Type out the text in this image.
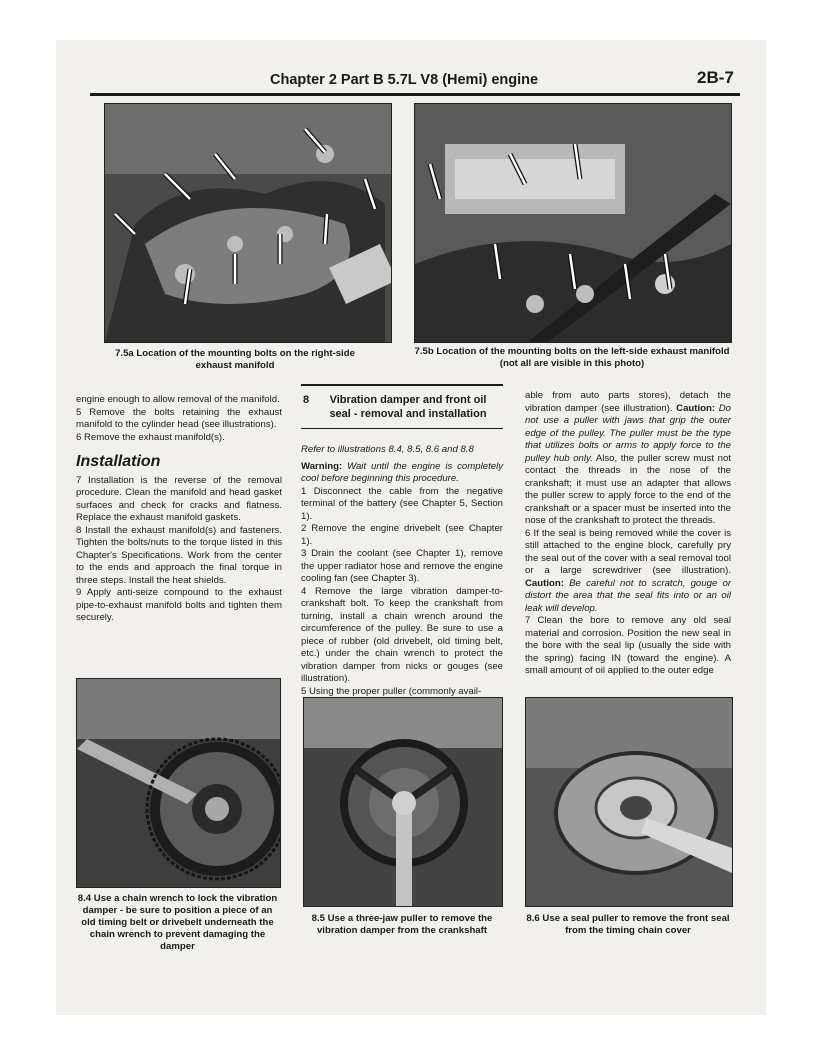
Chapter 2 Part B 5.7L V8 (Hemi) engine	2B-7
7.5a Location of the mounting bolts on the right-side exhaust manifold
7.5b Location of the mounting bolts on the left-side exhaust manifold (not all are visible in this photo)

engine enough to allow removal of the manifold.

5 Remove the bolts retaining the exhaust manifold to the cylinder head (see illustrations).

6 Remove the exhaust manifold(s).

Installation

7 Installation is the reverse of the removal procedure. Clean the manifold and head gasket surfaces and check for cracks and flatness. Replace the exhaust manifold gaskets.

8 Install the exhaust manifold(s) and fasteners. Tighten the bolts/nuts to the torque listed in this Chapter's Specifications. Work from the center to the ends and approach the final torque in three steps. Install the heat shields.

9 Apply anti-seize compound to the exhaust pipe-to-exhaust manifold bolts and tighten them securely.

8	Vibration damper and front oil seal - removal and installation

Refer to illustrations 8.4, 8.5, 8.6 and 8.8

Warning: Wait until the engine is completely cool before beginning this procedure.

1 Disconnect the cable from the negative terminal of the battery (see Chapter 5, Section 1).

2 Remove the engine drivebelt (see Chapter 1).

3 Drain the coolant (see Chapter 1), remove the upper radiator hose and remove the engine cooling fan (see Chapter 3).

4 Remove the large vibration damper-to-crankshaft bolt. To keep the crankshaft from turning, install a chain wrench around the circumference of the pulley. Be sure to use a piece of rubber (old drivebelt, old timing belt, etc.) under the chain wrench to protect the vibration damper from nicks or gouges (see illustration).

5 Using the proper puller (commonly avail-

able from auto parts stores), detach the vibration damper (see illustration). Caution: Do not use a puller with jaws that grip the outer edge of the pulley. The puller must be the type that utilizes bolts or arms to apply force to the pulley hub only. Also, the puller screw must not contact the threads in the nose of the crankshaft; it must use an adapter that allows the puller screw to apply force to the end of the crankshaft or a spacer must be inserted into the nose of the crankshaft to protect the threads.

6 If the seal is being removed while the cover is still attached to the engine block, carefully pry the seal out of the cover with a seal removal tool or a large screwdriver (see illustration). Caution: Be careful not to scratch, gouge or distort the area that the seal fits into or an oil leak will develop.

7 Clean the bore to remove any old seal material and corrosion. Position the new seal in the bore with the seal lip (usually the side with the spring) facing IN (toward the engine). A small amount of oil applied to the outer edge

8.4 Use a chain wrench to lock the vibration damper - be sure to position a piece of an old timing belt or drivebelt underneath the chain wrench to prevent damaging the damper
8.5 Use a three-jaw puller to remove the vibration damper from the crankshaft
8.6 Use a seal puller to remove the front seal from the timing chain cover
